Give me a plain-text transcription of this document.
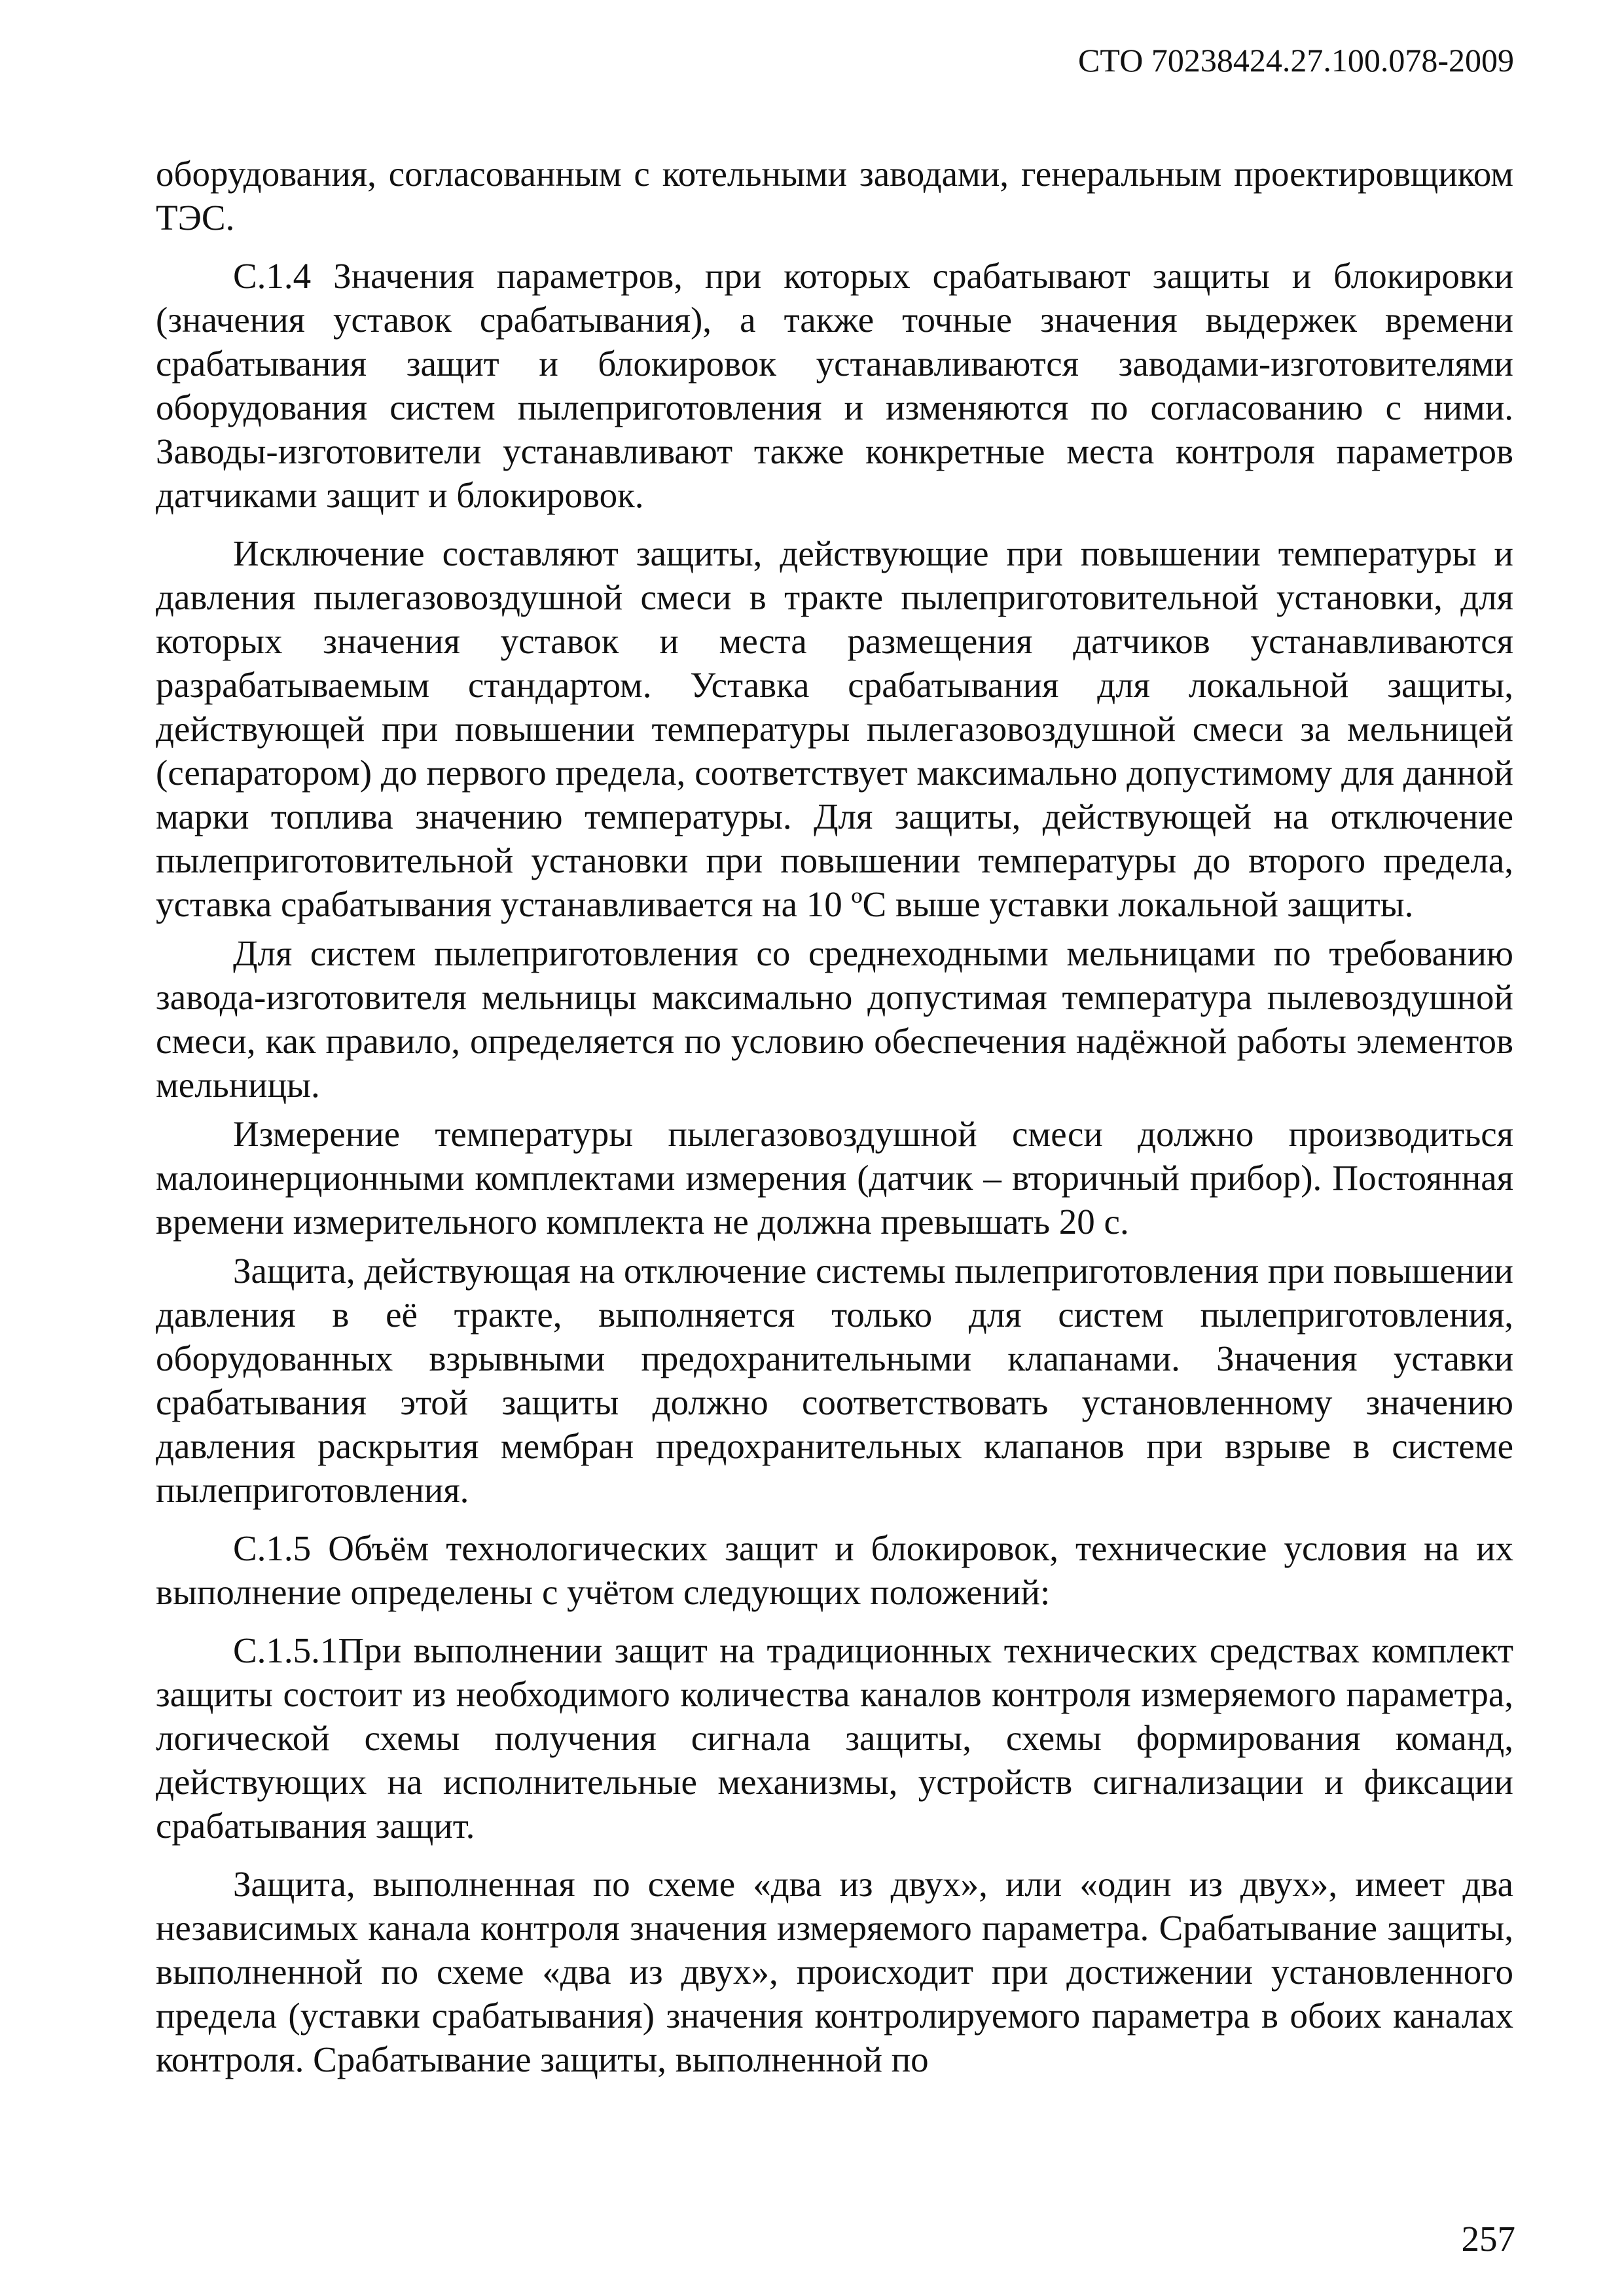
СТО 70238424.27.100.078-2009

оборудования, согласованным с котельными заводами, генеральным проектировщиком ТЭС.

С.1.4 Значения параметров, при которых срабатывают защиты и блокировки (значения уставок срабатывания), а также точные значения выдержек времени срабатывания защит и блокировок устанавливаются заводами-изготовителями оборудования систем пылеприготовления и изменяются по согласованию с ними. Заводы-изготовители устанавливают также конкретные места контроля параметров датчиками защит и блокировок.

Исключение составляют защиты, действующие при повышении температуры и давления пылегазовоздушной смеси в тракте пылеприготовительной установки, для которых значения уставок и места размещения датчиков устанавливаются разрабатываемым стандартом. Уставка срабатывания для локальной защиты, действующей при повышении температуры пылегазовоздушной смеси за мельницей (сепаратором) до первого предела, соответствует максимально допустимому для данной марки топлива значению температуры. Для защиты, действующей на отключение пылеприготовительной установки при повышении температуры до второго предела, уставка срабатывания устанавливается на 10 ºС выше уставки локальной защиты.

Для систем пылеприготовления со среднеходными мельницами по требованию завода-изготовителя мельницы максимально допустимая температура пылевоздушной смеси, как правило, определяется по условию обеспечения надёжной работы элементов мельницы.

Измерение температуры пылегазовоздушной смеси должно производиться малоинерционными комплектами измерения (датчик – вторичный прибор). Постоянная времени измерительного комплекта не должна превышать 20 с.

Защита, действующая на отключение системы пылеприготовления при повышении давления в её тракте, выполняется только для систем пылеприготовления, оборудованных взрывными предохранительными клапанами. Значения уставки срабатывания этой защиты должно соответствовать установленному значению давления раскрытия мембран предохранительных клапанов при взрыве в системе пылеприготовления.

С.1.5 Объём технологических защит и блокировок, технические условия на их выполнение определены с учётом следующих положений:

С.1.5.1При выполнении защит на традиционных технических средствах комплект защиты состоит из необходимого количества каналов контроля измеряемого параметра, логической схемы получения сигнала защиты, схемы формирования команд, действующих на исполнительные механизмы, устройств сигнализации и фиксации срабатывания защит.

Защита, выполненная по схеме «два из двух», или «один из двух», имеет два независимых канала контроля значения измеряемого параметра. Срабатывание защиты, выполненной по схеме «два из двух», происходит при достижении установленного предела (уставки срабатывания) значения контролируемого параметра в обоих каналах контроля. Срабатывание защиты, выполненной по

257
